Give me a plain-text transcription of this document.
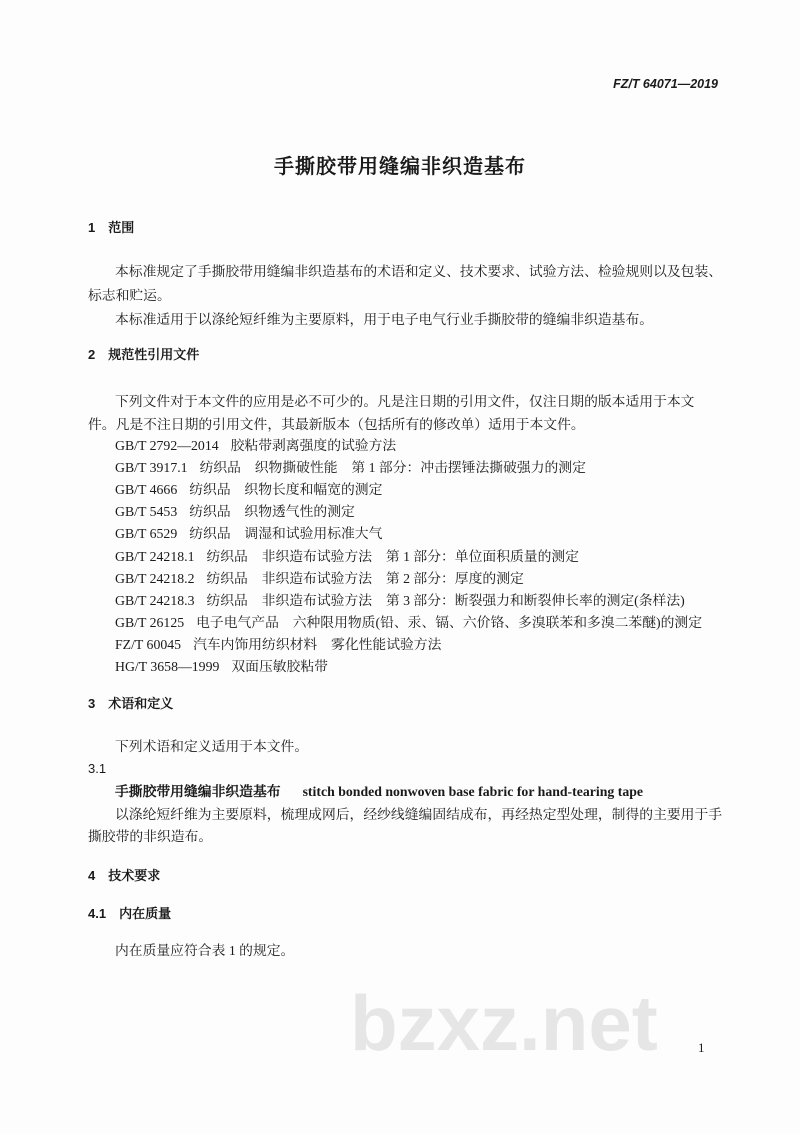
FZ/T 64071—2019
手撕胶带用缝编非织造基布
1　范围
本标准规定了手撕胶带用缝编非织造基布的术语和定义、技术要求、试验方法、检验规则以及包装、
标志和贮运。
本标准适用于以涤纶短纤维为主要原料，用于电子电气行业手撕胶带的缝编非织造基布。
2　规范性引用文件
下列文件对于本文件的应用是必不可少的。凡是注日期的引用文件，仅注日期的版本适用于本文
件。凡是不注日期的引用文件，其最新版本（包括所有的修改单）适用于本文件。
GB/T 2792—2014 胶粘带剥离强度的试验方法
GB/T 3917.1 纺织品　织物撕破性能　第 1 部分：冲击摆锤法撕破强力的测定
GB/T 4666 纺织品　织物长度和幅宽的测定
GB/T 5453 纺织品　织物透气性的测定
GB/T 6529 纺织品　调湿和试验用标准大气
GB/T 24218.1 纺织品　非织造布试验方法　第 1 部分：单位面积质量的测定
GB/T 24218.2 纺织品　非织造布试验方法　第 2 部分：厚度的测定
GB/T 24218.3 纺织品　非织造布试验方法　第 3 部分：断裂强力和断裂伸长率的测定(条样法)
GB/T 26125 电子电气产品　六种限用物质(铅、汞、镉、六价铬、多溴联苯和多溴二苯醚)的测定
FZ/T 60045 汽车内饰用纺织材料　雾化性能试验方法
HG/T 3658—1999 双面压敏胶粘带
3　术语和定义
下列术语和定义适用于本文件。
3.1
手撕胶带用缝编非织造基布 stitch bonded nonwoven base fabric for hand-tearing tape
以涤纶短纤维为主要原料，梳理成网后，经纱线缝编固结成布，再经热定型处理，制得的主要用于手
撕胶带的非织造布。
4　技术要求
4.1　内在质量
内在质量应符合表 1 的规定。
bzxz.net	1
